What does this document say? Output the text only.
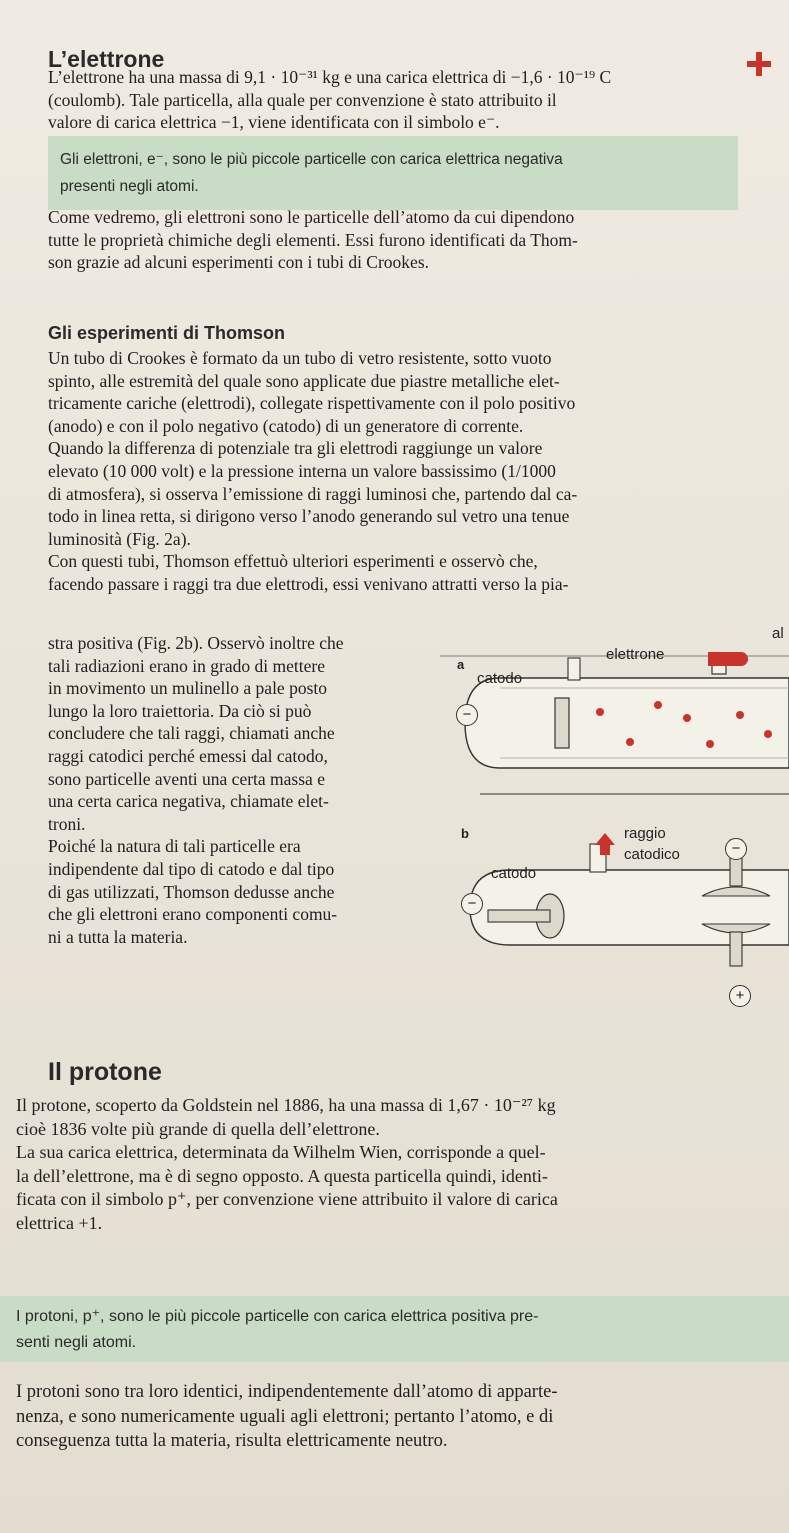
L’elettrone
L’elettrone ha una massa di 9,1 · 10⁻³¹ kg e una carica elettrica di −1,6 · 10⁻¹⁹ C
(coulomb). Tale particella, alla quale per convenzione è stato attribuito il
valore di carica elettrica −1, viene identificata con il simbolo e⁻.
Gli elettroni, e⁻, sono le più piccole particelle con carica elettrica negativa
presenti negli atomi.
Come vedremo, gli elettroni sono le particelle dell’atomo da cui dipendono
tutte le proprietà chimiche degli elementi. Essi furono identificati da Thom-
son grazie ad alcuni esperimenti con i tubi di Crookes.
Gli esperimenti di Thomson
Un tubo di Crookes è formato da un tubo di vetro resistente, sotto vuoto
spinto, alle estremità del quale sono applicate due piastre metalliche elet-
tricamente cariche (elettrodi), collegate rispettivamente con il polo positivo
(anodo) e con il polo negativo (catodo) di un generatore di corrente.
Quando la differenza di potenziale tra gli elettrodi raggiunge un valore
elevato (10 000 volt) e la pressione interna un valore bassissimo (1/1000
di atmosfera), si osserva l’emissione di raggi luminosi che, partendo dal ca-
todo in linea retta, si dirigono verso l’anodo generando sul vetro una tenue
luminosità (Fig. 2a).
Con questi tubi, Thomson effettuò ulteriori esperimenti e osservò che,
facendo passare i raggi tra due elettrodi, essi venivano attratti verso la pia-
stra positiva (Fig. 2b). Osservò inoltre che
tali radiazioni erano in grado di mettere
in movimento un mulinello a pale posto
lungo la loro traiettoria. Da ciò si può
concludere che tali raggi, chiamati anche
raggi catodici perché emessi dal catodo,
sono particelle aventi una certa massa e
una certa carica negativa, chiamate elet-
troni.
Poiché la natura di tali particelle era
indipendente dal tipo di catodo e dal tipo
di gas utilizzati, Thomson dedusse anche
che gli elettroni erano componenti comu-
ni a tutta la materia.
a
elettrone
catodo
al
−
b	raggio
catodico
catodo
−
−
+
Il protone
Il protone, scoperto da Goldstein nel 1886, ha una massa di 1,67 · 10⁻²⁷ kg
cioè 1836 volte più grande di quella dell’elettrone.
La sua carica elettrica, determinata da Wilhelm Wien, corrisponde a quel-
la dell’elettrone, ma è di segno opposto. A questa particella quindi, identi-
ficata con il simbolo p⁺, per convenzione viene attribuito il valore di carica
elettrica +1.
I protoni, p⁺, sono le più piccole particelle con carica elettrica positiva pre-
senti negli atomi.
I protoni sono tra loro identici, indipendentemente dall’atomo di apparte-
nenza, e sono numericamente uguali agli elettroni; pertanto l’atomo, e di
conseguenza tutta la materia, risulta elettricamente neutro.
